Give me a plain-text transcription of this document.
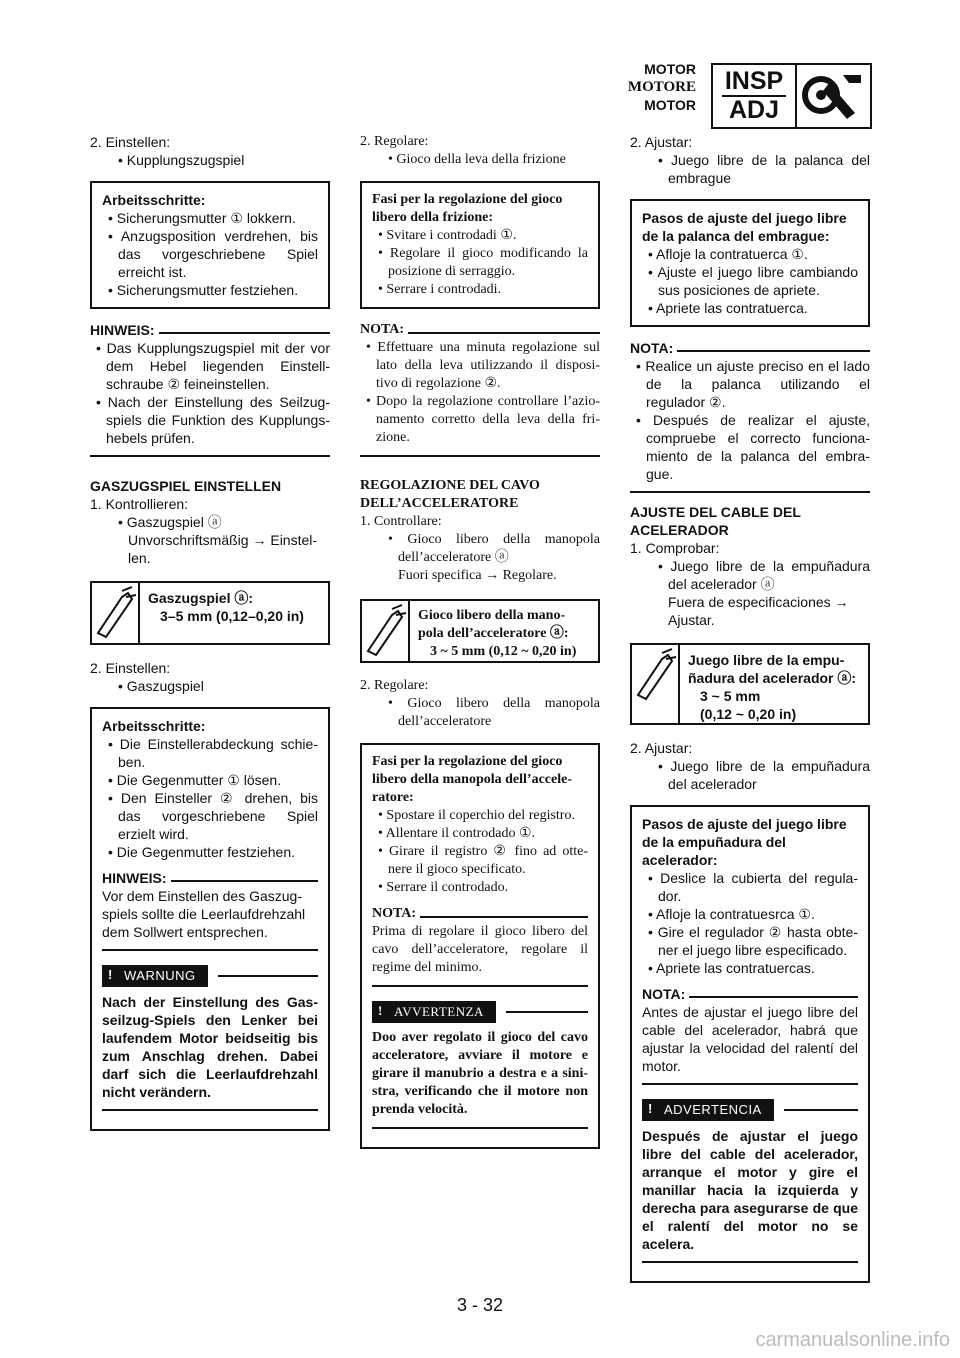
MOTOR
MOTORE
MOTOR
INSP
ADJ

2. Einstellen:

• Kupplungszugspiel

Arbeitsschritte:

• Sicherungsmutter ① lokkern.

• Anzugsposition verdrehen, bis das vorgeschriebene Spiel erreicht ist.

• Sicherungsmutter festziehen.

HINWEIS:

• Das Kupplungszugspiel mit der vor dem Hebel liegenden Einstell-schraube ② feineinstellen.

• Nach der Einstellung des Seilzug-spiels die Funktion des Kupplungs-hebels prüfen.

GASZUGSPIEL EINSTELLEN

1. Kontrollieren:

• Gaszugspiel ⓐ

Unvorschriftsmäßig → Einstel-len.

Gaszugspiel ⓐ:

3–5 mm (0,12–0,20 in)

2. Einstellen:

• Gaszugspiel

Arbeitsschritte:

• Die Einstellerabdeckung schie-ben.

• Die Gegenmutter ① lösen.

• Den Einsteller ② drehen, bis das vorgeschriebene Spiel erzielt wird.

• Die Gegenmutter festziehen.

HINWEIS:

Vor dem Einstellen des Gaszug-spiels sollte die Leerlaufdrehzahl dem Sollwert entsprechen.

! WARNUNG

Nach der Einstellung des Gas-seilzug-Spiels den Lenker bei laufendem Motor beidseitig bis zum Anschlag drehen. Dabei darf sich die Leerlaufdrehzahl nicht verändern.

2. Regolare:

• Gioco della leva della frizione

Fasi per la regolazione del gioco libero della frizione:

• Svitare i controdadi ①.

• Regolare il gioco modificando la posizione di serraggio.

• Serrare i controdadi.

NOTA:

• Effettuare una minuta regolazione sul lato della leva utilizzando il disposi-tivo di regolazione ②.

• Dopo la regolazione controllare l’azio-namento corretto della leva della fri-zione.

REGOLAZIONE DEL CAVO DELL’ACCELERATORE

1. Controllare:

• Gioco libero della manopola dell’acceleratore ⓐ

Fuori specifica → Regolare.

Gioco libero della mano-pola dell’acceleratore ⓐ:

3 ~ 5 mm (0,12 ~ 0,20 in)

2. Regolare:

• Gioco libero della manopola dell’acceleratore

Fasi per la regolazione del gioco libero della manopola dell’accele-ratore:

• Spostare il coperchio del registro.

• Allentare il controdado ①.

• Girare il registro ② fino ad otte-nere il gioco specificato.

• Serrare il controdado.

NOTA:

Prima di regolare il gioco libero del cavo dell’acceleratore, regolare il regime del minimo.

! AVVERTENZA

Doo aver regolato il gioco del cavo acceleratore, avviare il motore e girare il manubrio a destra e a sini-stra, verificando che il motore non prenda velocità.

2. Ajustar:

• Juego libre de la palanca del embrague

Pasos de ajuste del juego libre de la palanca del embrague:

• Afloje la contratuerca ①.

• Ajuste el juego libre cambiando sus posiciones de apriete.

• Apriete las contratuerca.

NOTA:

• Realice un ajuste preciso en el lado de la palanca utilizando el regulador ②.

• Después de realizar el ajuste, compruebe el correcto funciona-miento de la palanca del embra-gue.

AJUSTE DEL CABLE DEL ACELERADOR

1. Comprobar:

• Juego libre de la empuñadura del acelerador ⓐ

Fuera de especificaciones → Ajustar.

Juego libre de la empu-ñadura del acelerador ⓐ:

3 ~ 5 mm

(0,12 ~ 0,20 in)

2. Ajustar:

• Juego libre de la empuñadura del acelerador

Pasos de ajuste del juego libre de la empuñadura del acelerador:

• Deslice la cubierta del regula-dor.

• Afloje la contratuesrca ①.

• Gire el regulador ② hasta obte-ner el juego libre especificado.

• Apriete las contratuercas.

NOTA:

Antes de ajustar el juego libre del cable del acelerador, habrá que ajustar la velocidad del ralentí del motor.

! ADVERTENCIA

Después de ajustar el juego libre del cable del acelerador, arranque el motor y gire el manillar hacia la izquierda y derecha para asegurarse de que el ralentí del motor no se acelera.

3 - 32
carmanualsonline.info
